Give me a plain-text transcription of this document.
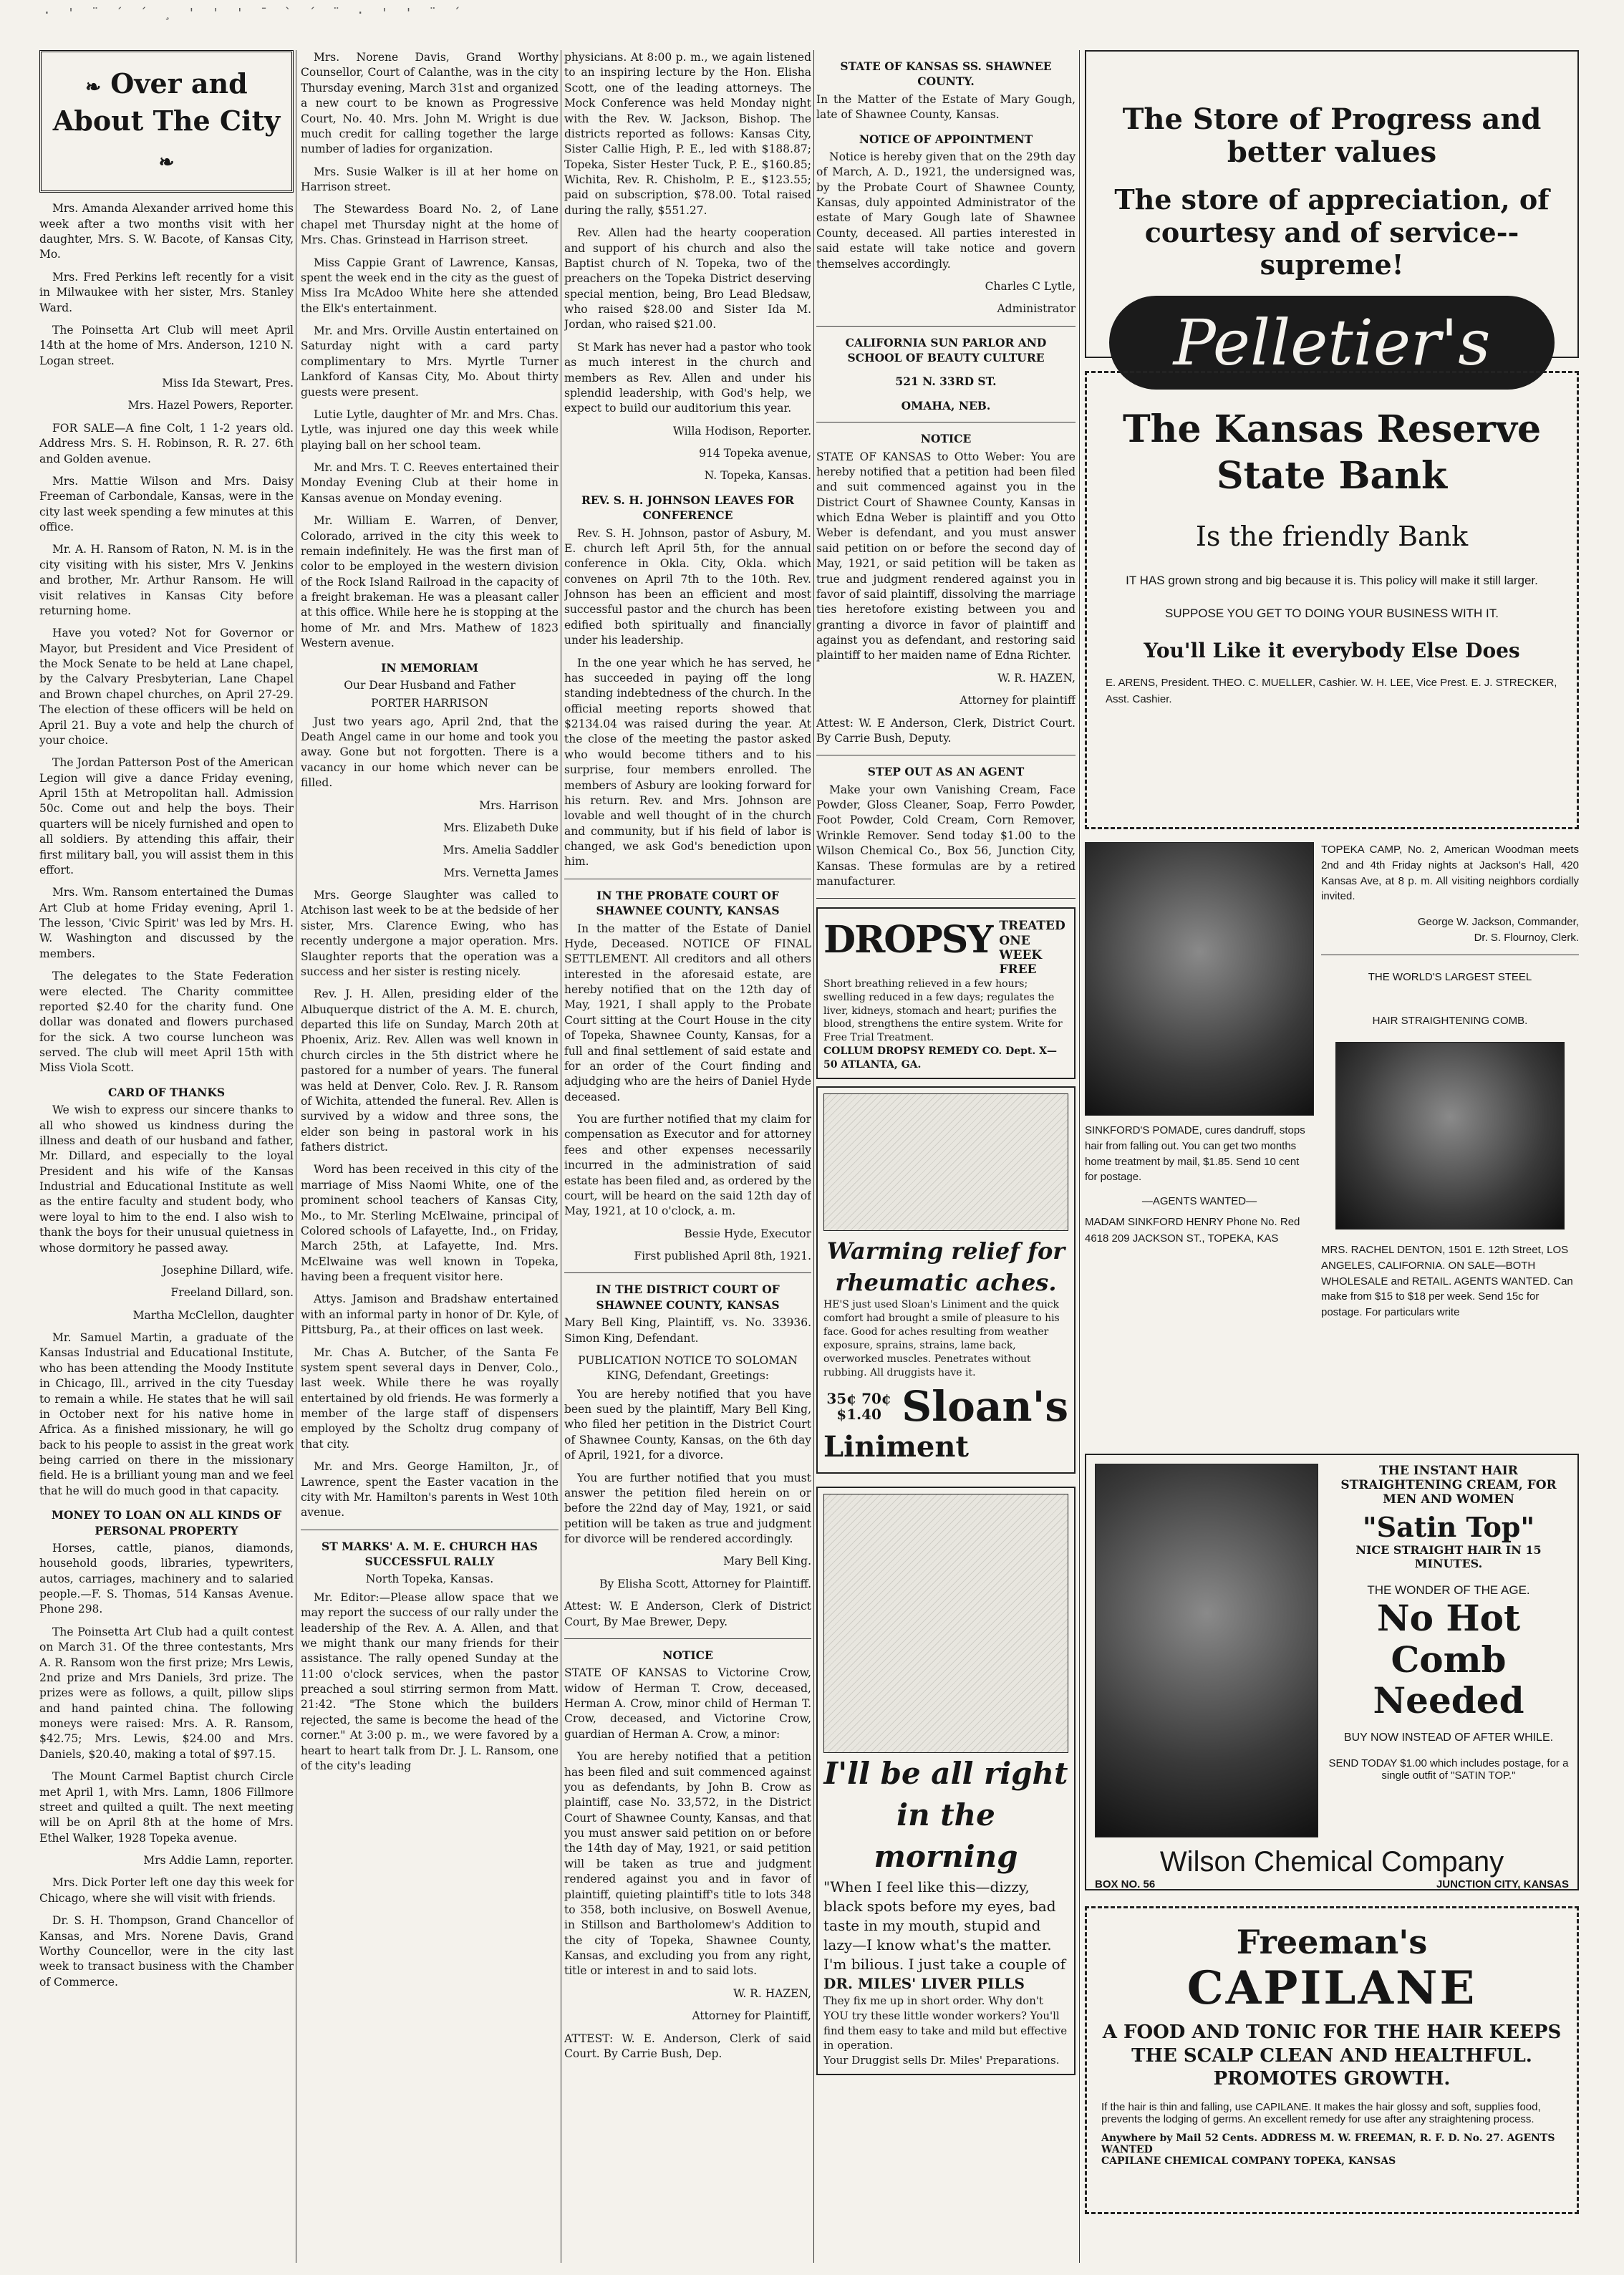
· ' ¨ ´ ´ ¸ ' ' ' ¯ ` ´ ¨ · ' ' ¨ ´
❧ Over and About The City ❧

Mrs. Amanda Alexander arrived home this week after a two months visit with her daughter, Mrs. S. W. Bacote, of Kansas City, Mo.

Mrs. Fred Perkins left recently for a visit in Milwaukee with her sister, Mrs. Stanley Ward.

The Poinsetta Art Club will meet April 14th at the home of Mrs. Anderson, 1210 N. Logan street.

Miss Ida Stewart, Pres.
Mrs. Hazel Powers, Reporter.

FOR SALE—A fine Colt, 1 1-2 years old. Address Mrs. S. H. Robinson, R. R. 27. 6th and Golden avenue.

Mrs. Mattie Wilson and Mrs. Daisy Freeman of Carbondale, Kansas, were in the city last week spending a few minutes at this office.

Mr. A. H. Ransom of Raton, N. M. is in the city visiting with his sister, Mrs V. Jenkins and brother, Mr. Arthur Ransom. He will visit relatives in Kansas City before returning home.

Have you voted? Not for Governor or Mayor, but President and Vice President of the Mock Senate to be held at Lane chapel, by the Calvary Presbyterian, Lane Chapel and Brown chapel churches, on April 27-29. The election of these officers will be held on April 21. Buy a vote and help the church of your choice.

The Jordan Patterson Post of the American Legion will give a dance Friday evening, April 15th at Metropolitan hall. Admission 50c. Come out and help the boys. Their quarters will be nicely furnished and open to all soldiers. By attending this affair, their first military ball, you will assist them in this effort.

Mrs. Wm. Ransom entertained the Dumas Art Club at home Friday evening, April 1. The lesson, 'Civic Spirit' was led by Mrs. H. W. Washington and discussed by the members.

The delegates to the State Federation were elected. The Charity committee reported $2.40 for the charity fund. One dollar was donated and flowers purchased for the sick. A two course luncheon was served. The club will meet April 15th with Miss Viola Scott.

CARD OF THANKS

We wish to express our sincere thanks to all who showed us kindness during the illness and death of our husband and father, Mr. Dillard, and especially to the loyal President and his wife of the Kansas Industrial and Educational Institute as well as the entire faculty and student body, who were loyal to him to the end. I also wish to thank the boys for their unusual quietness in whose dormitory he passed away.

Josephine Dillard, wife.
Freeland Dillard, son.
Martha McClellon, daughter

Mr. Samuel Martin, a graduate of the Kansas Industrial and Educational Institute, who has been attending the Moody Institute in Chicago, Ill., arrived in the city Tuesday to remain a while. He states that he will sail in October next for his native home in Africa. As a finished missionary, he will go back to his people to assist in the great work being carried on there in the missionary field. He is a brilliant young man and we feel that he will do much good in that capacity.

MONEY TO LOAN ON ALL KINDS OF PERSONAL PROPERTY

Horses, cattle, pianos, diamonds, household goods, libraries, typewriters, autos, carriages, machinery and to salaried people.—F. S. Thomas, 514 Kansas Avenue. Phone 298.

The Poinsetta Art Club had a quilt contest on March 31. Of the three contestants, Mrs A. R. Ransom won the first prize; Mrs Lewis, 2nd prize and Mrs Daniels, 3rd prize. The prizes were as follows, a quilt, pillow slips and hand painted china. The following moneys were raised: Mrs. A. R. Ransom, $42.75; Mrs. Lewis, $24.00 and Mrs. Daniels, $20.40, making a total of $97.15.

The Mount Carmel Baptist church Circle met April 1, with Mrs. Lamn, 1806 Fillmore street and quilted a quilt. The next meeting will be on April 8th at the home of Mrs. Ethel Walker, 1928 Topeka avenue.

Mrs Addie Lamn, reporter.

Mrs. Dick Porter left one day this week for Chicago, where she will visit with friends.

Dr. S. H. Thompson, Grand Chancellor of Kansas, and Mrs. Norene Davis, Grand Worthy Councellor, were in the city last week to transact business with the Chamber of Commerce.

Mrs. Norene Davis, Grand Worthy Counsellor, Court of Calanthe, was in the city Thursday evening, March 31st and organized a new court to be known as Progressive Court, No. 40. Mrs. John M. Wright is due much credit for calling together the large number of ladies for organization.

Mrs. Susie Walker is ill at her home on Harrison street.

The Stewardess Board No. 2, of Lane chapel met Thursday night at the home of Mrs. Chas. Grinstead in Harrison street.

Miss Cappie Grant of Lawrence, Kansas, spent the week end in the city as the guest of Miss Ira McAdoo White here she attended the Elk's entertainment.

Mr. and Mrs. Orville Austin entertained on Saturday night with a card party complimentary to Mrs. Myrtle Turner Lankford of Kansas City, Mo. About thirty guests were present.

Lutie Lytle, daughter of Mr. and Mrs. Chas. Lytle, was injured one day this week while playing ball on her school team.

Mr. and Mrs. T. C. Reeves entertained their Monday Evening Club at their home in Kansas avenue on Monday evening.

Mr. William E. Warren, of Denver, Colorado, arrived in the city this week to remain indefinitely. He was the first man of color to be employed in the western division of the Rock Island Railroad in the capacity of a freight brakeman. He was a pleasant caller at this office. While here he is stopping at the home of Mr. and Mrs. Mathew of 1823 Western avenue.

IN MEMORIAM
Our Dear Husband and Father
PORTER HARRISON

Just two years ago, April 2nd, that the Death Angel came in our home and took you away. Gone but not forgotten. There is a vacancy in our home which never can be filled.

Mrs. Harrison
Mrs. Elizabeth Duke
Mrs. Amelia Saddler
Mrs. Vernetta James

Mrs. George Slaughter was called to Atchison last week to be at the bedside of her sister, Mrs. Clarence Ewing, who has recently undergone a major operation. Mrs. Slaughter reports that the operation was a success and her sister is resting nicely.

Rev. J. H. Allen, presiding elder of the Albuquerque district of the A. M. E. church, departed this life on Sunday, March 20th at Phoenix, Ariz. Rev. Allen was well known in church circles in the 5th district where he pastored for a number of years. The funeral was held at Denver, Colo. Rev. J. R. Ransom of Wichita, attended the funeral. Rev. Allen is survived by a widow and three sons, the elder son being in pastoral work in his fathers district.

Word has been received in this city of the marriage of Miss Naomi White, one of the prominent school teachers of Kansas City, Mo., to Mr. Sterling McElwaine, principal of Colored schools of Lafayette, Ind., on Friday, March 25th, at Lafayette, Ind. Mrs. McElwaine was well known in Topeka, having been a frequent visitor here.

Attys. Jamison and Bradshaw entertained with an informal party in honor of Dr. Kyle, of Pittsburg, Pa., at their offices on last week.

Mr. Chas A. Butcher, of the Santa Fe system spent several days in Denver, Colo., last week. While there he was royally entertained by old friends. He was formerly a member of the large staff of dispensers employed by the Scholtz drug company of that city.

Mr. and Mrs. George Hamilton, Jr., of Lawrence, spent the Easter vacation in the city with Mr. Hamilton's parents in West 10th avenue.

ST MARKS' A. M. E. CHURCH HAS SUCCESSFUL RALLY
North Topeka, Kansas.

Mr. Editor:—Please allow space that we may report the success of our rally under the leadership of the Rev. A. A. Allen, and that we might thank our many friends for their assistance. The rally opened Sunday at the 11:00 o'clock services, when the pastor preached a soul stirring sermon from Matt. 21:42. "The Stone which the builders rejected, the same is become the head of the corner." At 3:00 p. m., we were favored by a heart to heart talk from Dr. J. L. Ransom, one of the city's leading

physicians. At 8:00 p. m., we again listened to an inspiring lecture by the Hon. Elisha Scott, one of the leading attorneys. The Mock Conference was held Monday night with the Rev. W. Jackson, Bishop. The districts reported as follows: Kansas City, Sister Callie High, P. E., led with $188.87; Topeka, Sister Hester Tuck, P. E., $160.85; Wichita, Rev. R. Chisholm, P. E., $123.55; paid on subscription, $78.00. Total raised during the rally, $551.27.

Rev. Allen had the hearty cooperation and support of his church and also the Baptist church of N. Topeka, two of the preachers on the Topeka District deserving special mention, being, Bro Lead Bledsaw, who raised $28.00 and Sister Ida M. Jordan, who raised $21.00.

St Mark has never had a pastor who took as much interest in the church and members as Rev. Allen and under his splendid leadership, with God's help, we expect to build our auditorium this year.

Willa Hodison, Reporter.
914 Topeka avenue,
N. Topeka, Kansas.
REV. S. H. JOHNSON LEAVES FOR CONFERENCE

Rev. S. H. Johnson, pastor of Asbury, M. E. church left April 5th, for the annual conference in Okla. City, Okla. which convenes on April 7th to the 10th. Rev. Johnson has been an efficient and most successful pastor and the church has been edified both spiritually and financially under his leadership.

In the one year which he has served, he has succeeded in paying off the long standing indebtedness of the church. In the official meeting reports showed that $2134.04 was raised during the year. At the close of the meeting the pastor asked who would become tithers and to his surprise, four members enrolled. The members of Asbury are looking forward for his return. Rev. and Mrs. Johnson are lovable and well thought of in the church and community, but if his field of labor is changed, we ask God's benediction upon him.

IN THE PROBATE COURT OF SHAWNEE COUNTY, KANSAS

In the matter of the Estate of Daniel Hyde, Deceased. NOTICE OF FINAL SETTLEMENT. All creditors and all others interested in the aforesaid estate, are hereby notified that on the 12th day of May, 1921, I shall apply to the Probate Court sitting at the Court House in the city of Topeka, Shawnee County, Kansas, for a full and final settlement of said estate and for an order of the Court finding and adjudging who are the heirs of Daniel Hyde deceased.

You are further notified that my claim for compensation as Executor and for attorney fees and other expenses necessarily incurred in the administration of said estate has been filed and, as ordered by the court, will be heard on the said 12th day of May, 1921, at 10 o'clock, a. m.

Bessie Hyde, Executor
First published April 8th, 1921.
IN THE DISTRICT COURT OF SHAWNEE COUNTY, KANSAS

Mary Bell King, Plaintiff, vs. No. 33936. Simon King, Defendant.

PUBLICATION NOTICE TO SOLOMAN KING, Defendant, Greetings:

You are hereby notified that you have been sued by the plaintiff, Mary Bell King, who filed her petition in the District Court of Shawnee County, Kansas, on the 6th day of April, 1921, for a divorce.

You are further notified that you must answer the petition filed herein on or before the 22nd day of May, 1921, or said petition will be taken as true and judgment for divorce will be rendered accordingly.

Mary Bell King.
By Elisha Scott, Attorney for Plaintiff.

Attest: W. E Anderson, Clerk of District Court, By Mae Brewer, Depy.

NOTICE

STATE OF KANSAS to Victorine Crow, widow of Herman T. Crow, deceased, Herman A. Crow, minor child of Herman T. Crow, deceased, and Victorine Crow, guardian of Herman A. Crow, a minor:

You are hereby notified that a petition has been filed and suit commenced against you as defendants, by John B. Crow as plaintiff, case No. 33,572, in the District Court of Shawnee County, Kansas, and that you must answer said petition on or before the 14th day of May, 1921, or said petition will be taken as true and judgment rendered against you and in favor of plaintiff, quieting plaintiff's title to lots 348 to 358, both inclusive, on Boswell Avenue, in Stillson and Bartholomew's Addition to the city of Topeka, Shawnee County, Kansas, and excluding you from any right, title or interest in and to said lots.

W. R. HAZEN,
Attorney for Plaintiff,

ATTEST: W. E. Anderson, Clerk of said Court. By Carrie Bush, Dep.

STATE OF KANSAS SS. SHAWNEE COUNTY.

In the Matter of the Estate of Mary Gough, late of Shawnee County, Kansas.

NOTICE OF APPOINTMENT

Notice is hereby given that on the 29th day of March, A. D., 1921, the undersigned was, by the Probate Court of Shawnee County, Kansas, duly appointed Administrator of the estate of Mary Gough late of Shawnee County, deceased. All parties interested in said estate will take notice and govern themselves accordingly.

Charles C Lytle,
Administrator
CALIFORNIA SUN PARLOR AND SCHOOL OF BEAUTY CULTURE
521 N. 33RD ST.
OMAHA, NEB.
NOTICE

STATE OF KANSAS to Otto Weber: You are hereby notified that a petition had been filed and suit commenced against you in the District Court of Shawnee County, Kansas in which Edna Weber is plaintiff and you Otto Weber is defendant, and you must answer said petition on or before the second day of May, 1921, or said petition will be taken as true and judgment rendered against you in favor of said plaintiff, dissolving the marriage ties heretofore existing between you and granting a divorce in favor of plaintiff and against you as defendant, and restoring said plaintiff to her maiden name of Edna Richter.

W. R. HAZEN,
Attorney for plaintiff

Attest: W. E Anderson, Clerk, District Court. By Carrie Bush, Deputy.

STEP OUT AS AN AGENT

Make your own Vanishing Cream, Face Powder, Gloss Cleaner, Soap, Ferro Powder, Foot Powder, Cold Cream, Corn Remover, Wrinkle Remover. Send today $1.00 to the Wilson Chemical Co., Box 56, Junction City, Kansas. These formulas are by a retired manufacturer.

DROPSY TREATED ONE WEEK FREE
Short breathing relieved in a few hours; swelling reduced in a few days; regulates the liver, kidneys, stomach and heart; purifies the blood, strengthens the entire system. Write for Free Trial Treatment.
COLLUM DROPSY REMEDY CO. Dept. X—50 ATLANTA, GA.
Warming relief for rheumatic aches.
HE'S just used Sloan's Liniment and the quick comfort had brought a smile of pleasure to his face. Good for aches resulting from weather exposure, sprains, strains, lame back, overworked muscles. Penetrates without rubbing. All druggists have it.
35¢ 70¢ $1.40 Sloan's
Liniment
I'll be all right in the morning
"When I feel like this—dizzy, black spots before my eyes, bad taste in my mouth, stupid and lazy—I know what's the matter. I'm bilious. I just take a couple of
DR. MILES' LIVER PILLS
They fix me up in short order. Why don't YOU try these little wonder workers? You'll find them easy to take and mild but effective in operation.
Your Druggist sells Dr. Miles' Preparations.
The Store of Progress and better values
The store of appreciation, of courtesy and of service--supreme!
Pelletier's
The Kansas Reserve State Bank
Is the friendly Bank
IT HAS grown strong and big because it is. This policy will make it still larger.
SUPPOSE YOU GET TO DOING YOUR BUSINESS WITH IT.
You'll Like it everybody Else Does
E. ARENS, President. THEO. C. MUELLER, Cashier. W. H. LEE, Vice Prest. E. J. STRECKER, Asst. Cashier.
SINKFORD'S POMADE, cures dandruff, stops hair from falling out. You can get two months home treatment by mail, $1.85. Send 10 cent for postage.
—AGENTS WANTED—
MADAM SINKFORD HENRY Phone No. Red 4618 209 JACKSON ST., TOPEKA, KAS
TOPEKA CAMP, No. 2, American Woodman meets 2nd and 4th Friday nights at Jackson's Hall, 420 Kansas Ave, at 8 p. m. All visiting neighbors cordially invited.
George W. Jackson, Commander,
Dr. S. Flournoy, Clerk.
THE WORLD'S LARGEST STEEL
HAIR STRAIGHTENING COMB.
MRS. RACHEL DENTON, 1501 E. 12th Street, LOS ANGELES, CALIFORNIA. ON SALE—BOTH WHOLESALE and RETAIL. AGENTS WANTED. Can make from $15 to $18 per week. Send 15c for postage. For particulars write
THE INSTANT HAIR STRAIGHTENING CREAM, FOR MEN AND WOMEN
"Satin Top"
NICE STRAIGHT HAIR IN 15 MINUTES.
THE WONDER OF THE AGE.
No Hot Comb Needed
BUY NOW INSTEAD OF AFTER WHILE.
SEND TODAY $1.00 which includes postage, for a single outfit of "SATIN TOP."
Wilson Chemical Company
BOX NO. 56	JUNCTION CITY, KANSAS
Freeman's
CAPILANE
A FOOD AND TONIC FOR THE HAIR KEEPS THE SCALP CLEAN AND HEALTHFUL. PROMOTES GROWTH.
If the hair is thin and falling, use CAPILANE. It makes the hair glossy and soft, supplies food, prevents the lodging of germs. An excellent remedy for use after any straightening process.
Anywhere by Mail 52 Cents. ADDRESS M. W. FREEMAN, R. F. D. No. 27. AGENTS WANTED
CAPILANE CHEMICAL COMPANY TOPEKA, KANSAS
